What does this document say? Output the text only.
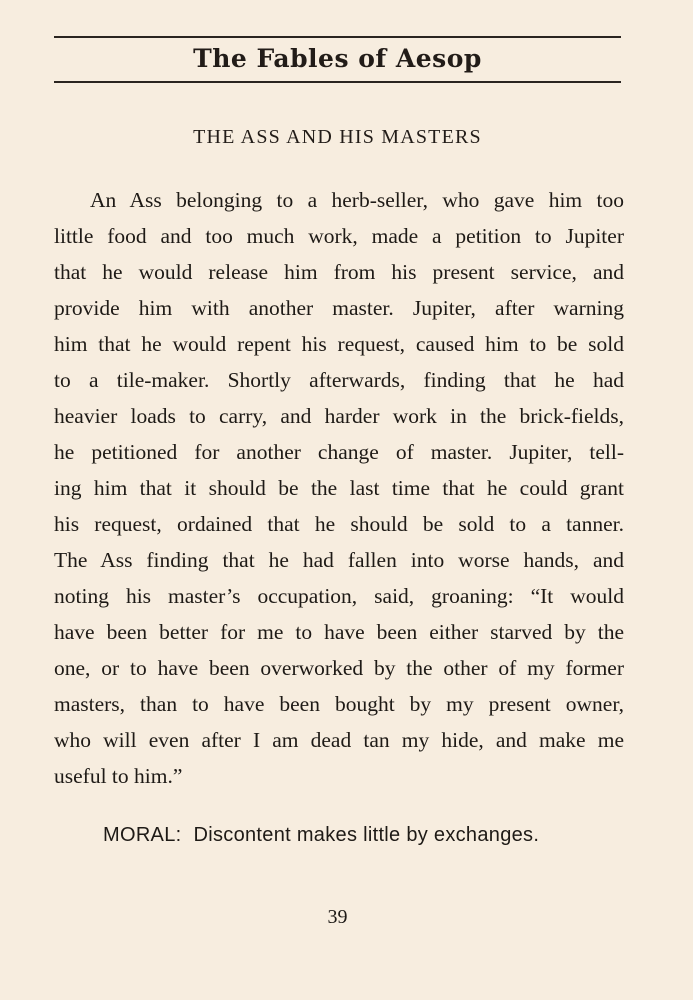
The Fables of Aesop
THE ASS AND HIS MASTERS
An Ass belonging to a herb-seller, who gave him too
little food and too much work, made a petition to Jupiter
that he would release him from his present service, and
provide him with another master. Jupiter, after warning
him that he would repent his request, caused him to be sold
to a tile-maker. Shortly afterwards, finding that he had
heavier loads to carry, and harder work in the brick-fields,
he petitioned for another change of master. Jupiter, tell-
ing him that it should be the last time that he could grant
his request, ordained that he should be sold to a tanner.
The Ass finding that he had fallen into worse hands, and
noting his master’s occupation, said, groaning: “It would
have been better for me to have been either starved by the
one, or to have been overworked by the other of my former
masters, than to have been bought by my present owner,
who will even after I am dead tan my hide, and make me
useful to him.”
MORAL: Discontent makes little by exchanges.
39
